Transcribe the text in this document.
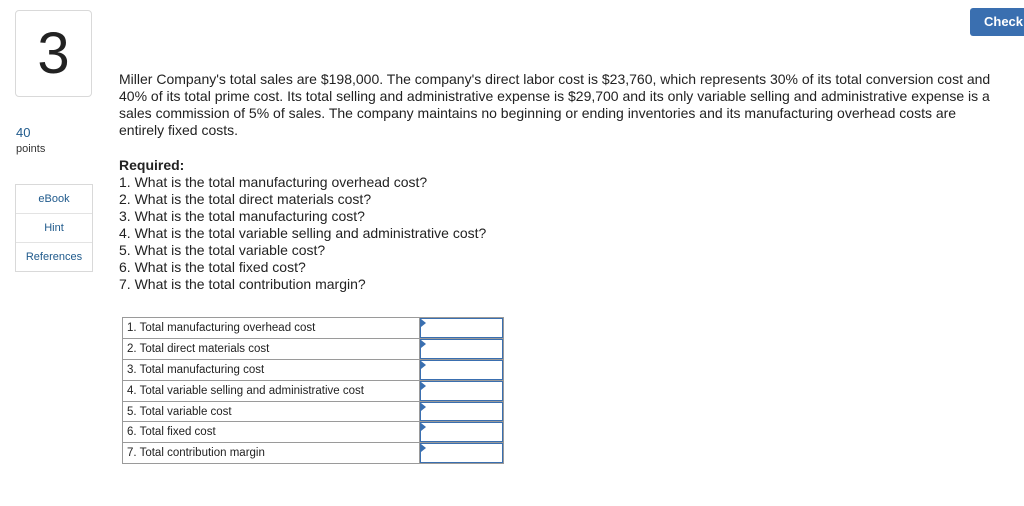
3
40
points
eBook
Hint
References
Check

Miller Company's total sales are $198,000. The company's direct labor cost is $23,760, which represents 30% of its total conversion cost and 40% of its total prime cost. Its total selling and administrative expense is $29,700 and its only variable selling and administrative expense is a sales commission of 5% of sales. The company maintains no beginning or ending inventories and its manufacturing overhead costs are entirely fixed costs.

Required:
1. What is the total manufacturing overhead cost?
2. What is the total direct materials cost?
3. What is the total manufacturing cost?
4. What is the total variable selling and administrative cost?
5. What is the total variable cost?
6. What is the total fixed cost?
7. What is the total contribution margin?
1. Total manufacturing overhead cost	

2. Total direct materials cost	

3. Total manufacturing cost	

4. Total variable selling and administrative cost	

5. Total variable cost	

6. Total fixed cost	

7. Total contribution margin	
